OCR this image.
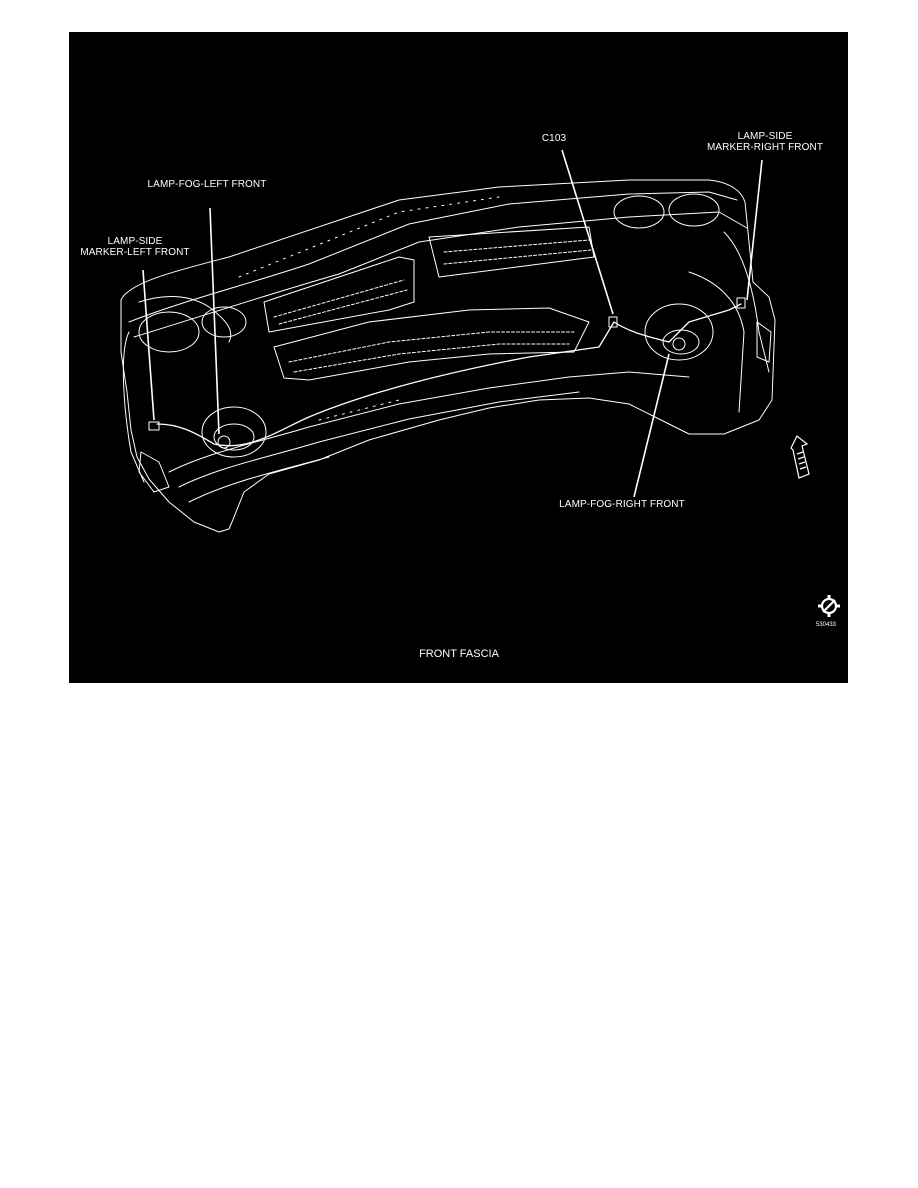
LAMP-SIDE
MARKER-RIGHT FRONT
C103
LAMP-FOG-LEFT FRONT
LAMP-SIDE
MARKER-LEFT FRONT
LAMP-FOG-RIGHT FRONT
530433
FRONT FASCIA
